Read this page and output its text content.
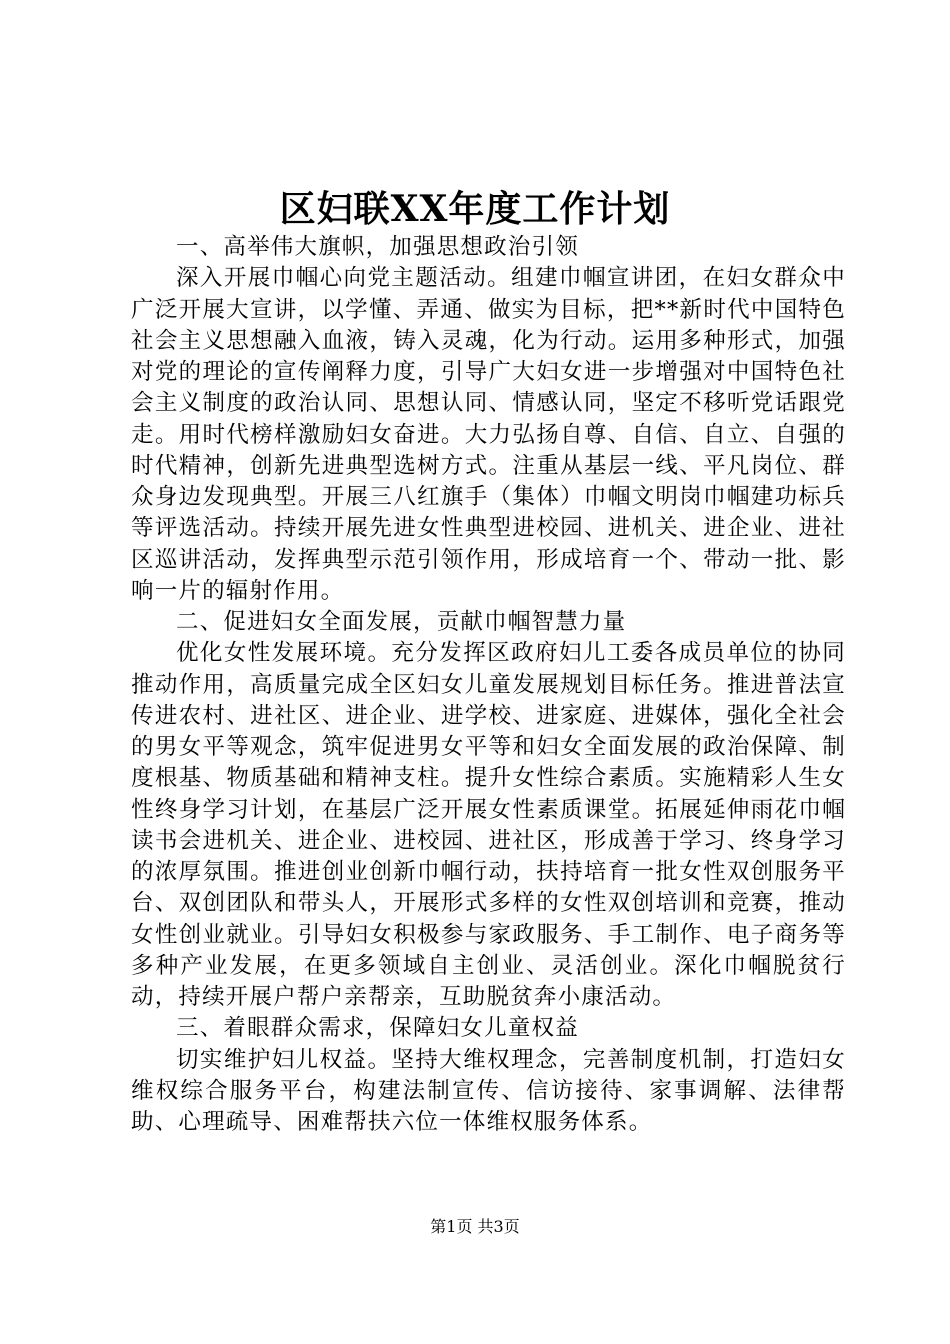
区妇联XX年度工作计划

一、高举伟大旗帜，加强思想政治引领

深入开展巾帼心向党主题活动。组建巾帼宣讲团，在妇女群众中广泛开展大宣讲，以学懂、弄通、做实为目标，把**新时代中国特色社会主义思想融入血液，铸入灵魂，化为行动。运用多种形式，加强对党的理论的宣传阐释力度，引导广大妇女进一步增强对中国特色社会主义制度的政治认同、思想认同、情感认同，坚定不移听党话跟党走。用时代榜样激励妇女奋进。大力弘扬自尊、自信、自立、自强的时代精神，创新先进典型选树方式。注重从基层一线、平凡岗位、群众身边发现典型。开展三八红旗手（集体）巾帼文明岗巾帼建功标兵等评选活动。持续开展先进女性典型进校园、进机关、进企业、进社区巡讲活动，发挥典型示范引领作用，形成培育一个、带动一批、影响一片的辐射作用。

二、促进妇女全面发展，贡献巾帼智慧力量

优化女性发展环境。充分发挥区政府妇儿工委各成员单位的协同推动作用，高质量完成全区妇女儿童发展规划目标任务。推进普法宣传进农村、进社区、进企业、进学校、进家庭、进媒体，强化全社会的男女平等观念，筑牢促进男女平等和妇女全面发展的政治保障、制度根基、物质基础和精神支柱。提升女性综合素质。实施精彩人生女性终身学习计划，在基层广泛开展女性素质课堂。拓展延伸雨花巾帼读书会进机关、进企业、进校园、进社区，形成善于学习、终身学习的浓厚氛围。推进创业创新巾帼行动，扶持培育一批女性双创服务平台、双创团队和带头人，开展形式多样的女性双创培训和竞赛，推动女性创业就业。引导妇女积极参与家政服务、手工制作、电子商务等多种产业发展，在更多领域自主创业、灵活创业。深化巾帼脱贫行动，持续开展户帮户亲帮亲，互助脱贫奔小康活动。

三、着眼群众需求，保障妇女儿童权益

切实维护妇儿权益。坚持大维权理念，完善制度机制，打造妇女维权综合服务平台，构建法制宣传、信访接待、家事调解、法律帮助、心理疏导、困难帮扶六位一体维权服务体系。

第1页 共3页
